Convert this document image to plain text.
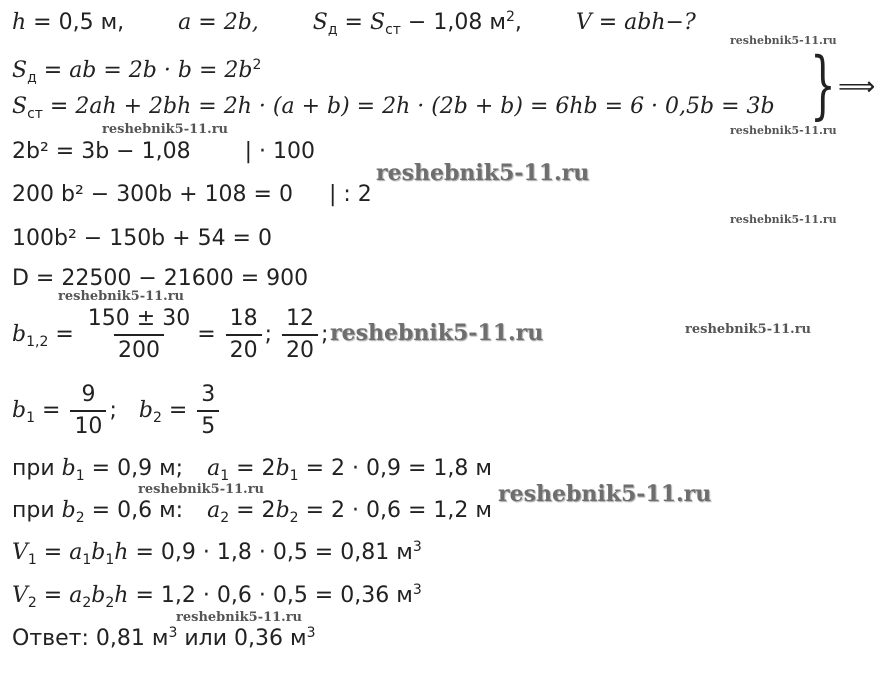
h = 0,5 м, a = 2b, $S_д = S_{ст} - 1,08$ $м^2$,  V = abh−?
$S_д$ = ab = $2b \cdot b = 2b^2$
$S_{ст} = 2ah + 2bh = 2h \cdot (a + b) = 2h \cdot (2b + b) = 6hb = 6 \cdot 0,5b = 3b$ } ⟹
2b² = 3b − 1,08 | · 100
200 b² − 300b + 108 = 0 | : 2
100b² − 150b + 54 = 0
D = 22500 − 21600 = 900
$b_{1,2} = \frac{150 \pm 30}{200} = \frac{18}{20}$ ; $\frac{12}{20}$ ;
$b_1 = \frac{9}{10}$ ;  $b_2 = \frac{3}{5}$
при $b_1 = 0,9$ м; $a_1 = 2b_1 = 2 \cdot 0,9 = 1,8$ м
при $b_2 = 0,6$ м: $a_2 = 2b_2 = 2 \cdot 0,6 = 1,2$ м
$V_1 = a_1b_1h = 0,9 \cdot 1,8 \cdot 0,5 = 0,81$ $м^3$
$V_2 = a_2b_2h = 1,2 \cdot 0,6 \cdot 0,5 = 0,36$ $м^3$
Ответ: 0,81 $м^3$ или 0,36 $м^3$
reshebnik5-11.ru
reshebnik5-11.ru
reshebnik5-11.ru
reshebnik5-11.ru
reshebnik5-11.ru
reshebnik5-11.ru
reshebnik5-11.ru	reshebnik5-11.ru
reshebnik5-11.ru	reshebnik5-11.ru
reshebnik5-11.ru
